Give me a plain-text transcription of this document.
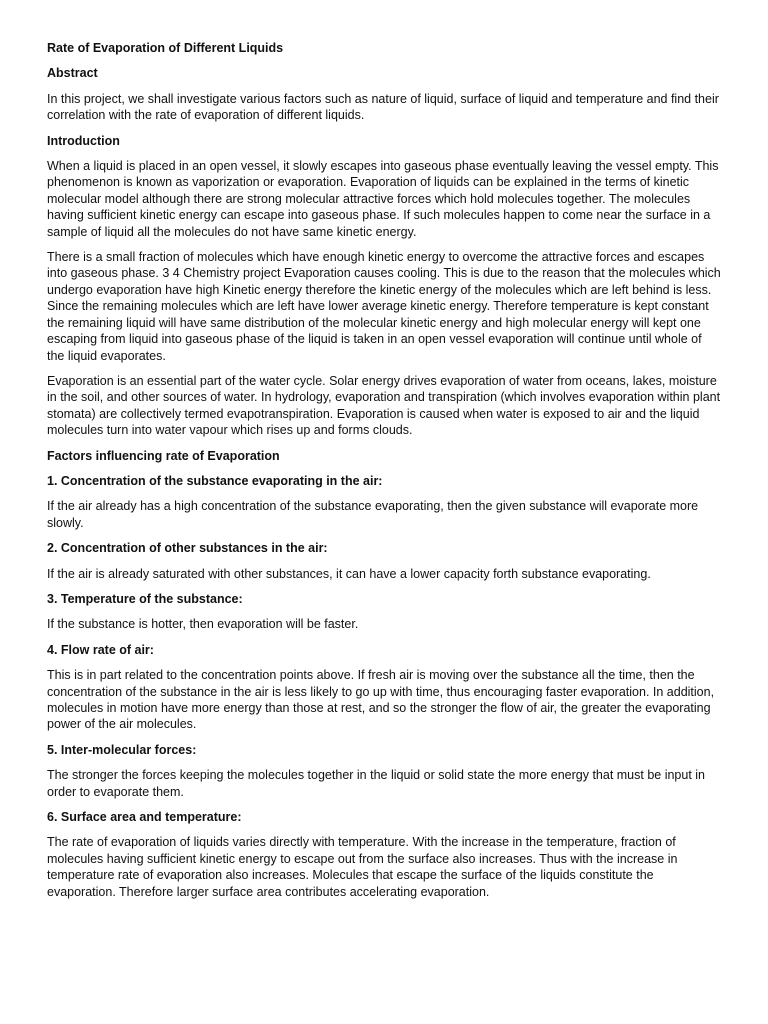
Rate of Evaporation of Different Liquids
Abstract
In this project, we shall investigate various factors such as nature of liquid, surface of liquid and temperature and find their correlation with the rate of evaporation of different liquids.
Introduction
When a liquid is placed in an open vessel, it slowly escapes into gaseous phase eventually leaving the vessel empty. This phenomenon is known as vaporization or evaporation. Evaporation of liquids can be explained in the terms of kinetic molecular model although there are strong molecular attractive forces which hold molecules together. The molecules having sufficient kinetic energy can escape into gaseous phase. If such molecules happen to come near the surface in a sample of liquid all the molecules do not have same kinetic energy.
There is a small fraction of molecules which have enough kinetic energy to overcome the attractive forces and escapes into gaseous phase. 3 4 Chemistry project Evaporation causes cooling. This is due to the reason that the molecules which undergo evaporation have high Kinetic energy therefore the kinetic energy of the molecules which are left behind is less. Since the remaining molecules which are left have lower average kinetic energy. Therefore temperature is kept constant the remaining liquid will have same distribution of the molecular kinetic energy and high molecular energy will kept one escaping from liquid into gaseous phase of the liquid is taken in an open vessel evaporation will continue until whole of the liquid evaporates.
Evaporation is an essential part of the water cycle. Solar energy drives evaporation of water from oceans, lakes, moisture in the soil, and other sources of water. In hydrology, evaporation and transpiration (which involves evaporation within plant stomata) are collectively termed evapotranspiration. Evaporation is caused when water is exposed to air and the liquid molecules turn into water vapour which rises up and forms clouds.
Factors influencing rate of Evaporation
1. Concentration of the substance evaporating in the air:
If the air already has a high concentration of the substance evaporating, then the given substance will evaporate more slowly.
2. Concentration of other substances in the air:
If the air is already saturated with other substances, it can have a lower capacity forth substance evaporating.
3. Temperature of the substance:
If the substance is hotter, then evaporation will be faster.
4. Flow rate of air:
This is in part related to the concentration points above. If fresh air is moving over the substance all the time, then the concentration of the substance in the air is less likely to go up with time, thus encouraging faster evaporation. In addition, molecules in motion have more energy than those at rest, and so the stronger the flow of air, the greater the evaporating power of the air molecules.
5. Inter-molecular forces:
The stronger the forces keeping the molecules together in the liquid or solid state the more energy that must be input in order to evaporate them.
6. Surface area and temperature:
The rate of evaporation of liquids varies directly with temperature. With the increase in the temperature, fraction of molecules having sufficient kinetic energy to escape out from the surface also increases. Thus with the increase in temperature rate of evaporation also increases. Molecules that escape the surface of the liquids constitute the evaporation. Therefore larger surface area contributes accelerating evaporation.
